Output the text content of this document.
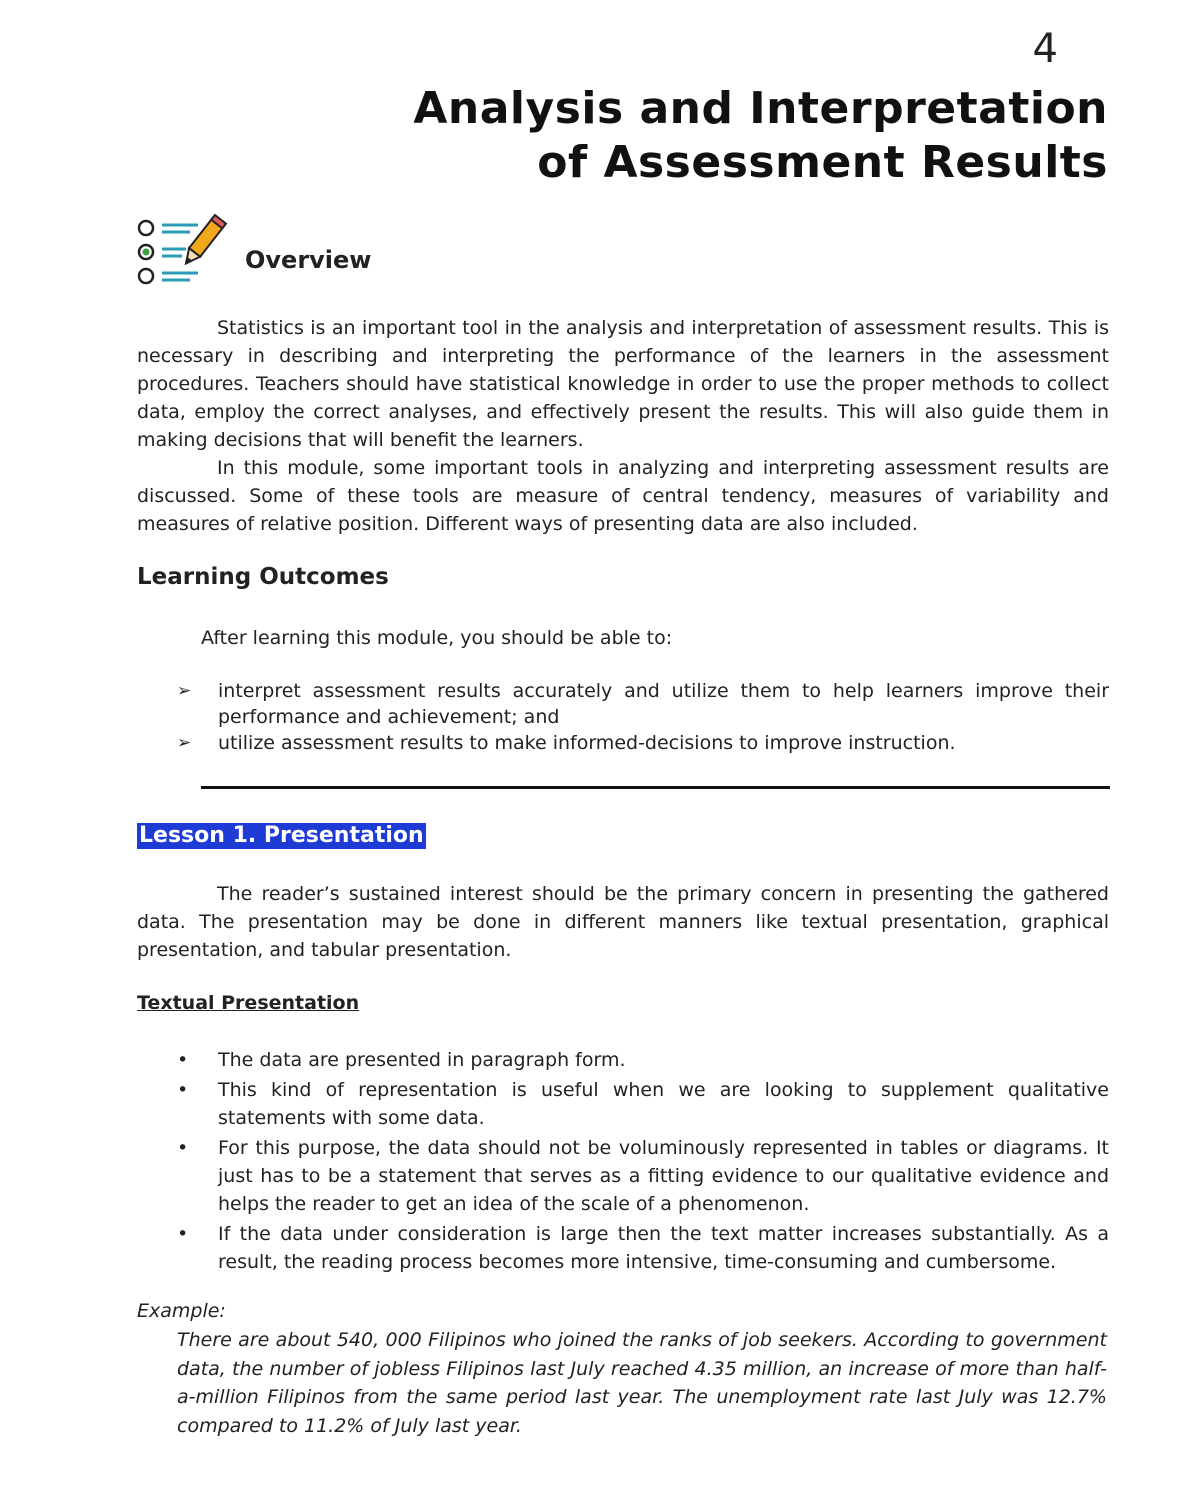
4
Analysis and Interpretation
of Assessment Results
Overview
Statistics is an important tool in the analysis and interpretation of assessment results. This is necessary in describing and interpreting the performance of the learners in the assessment procedures. Teachers should have statistical knowledge in order to use the proper methods to collect data, employ the correct analyses, and effectively present the results. This will also guide them in making decisions that will benefit the learners.
In this module, some important tools in analyzing and interpreting assessment results are discussed. Some of these tools are measure of central tendency, measures of variability and measures of relative position. Different ways of presenting data are also included.
Learning Outcomes
After learning this module, you should be able to:
➢ interpret assessment results accurately and utilize them to help learners improve their performance and achievement; and
➢ utilize assessment results to make informed-decisions to improve instruction.
Lesson 1. Presentation
The reader’s sustained interest should be the primary concern in presenting the gathered data. The presentation may be done in different manners like textual presentation, graphical presentation, and tabular presentation.
Textual Presentation
• The data are presented in paragraph form.
• This kind of representation is useful when we are looking to supplement qualitative statements with some data.
• For this purpose, the data should not be voluminously represented in tables or diagrams. It just has to be a statement that serves as a fitting evidence to our qualitative evidence and helps the reader to get an idea of the scale of a phenomenon.
• If the data under consideration is large then the text matter increases substantially. As a result, the reading process becomes more intensive, time-consuming and cumbersome.
Example:
There are about 540, 000 Filipinos who joined the ranks of job seekers. According to government data, the number of jobless Filipinos last July reached 4.35 million, an increase of more than half-a-million Filipinos from the same period last year. The unemployment rate last July was 12.7% compared to 11.2% of July last year.
